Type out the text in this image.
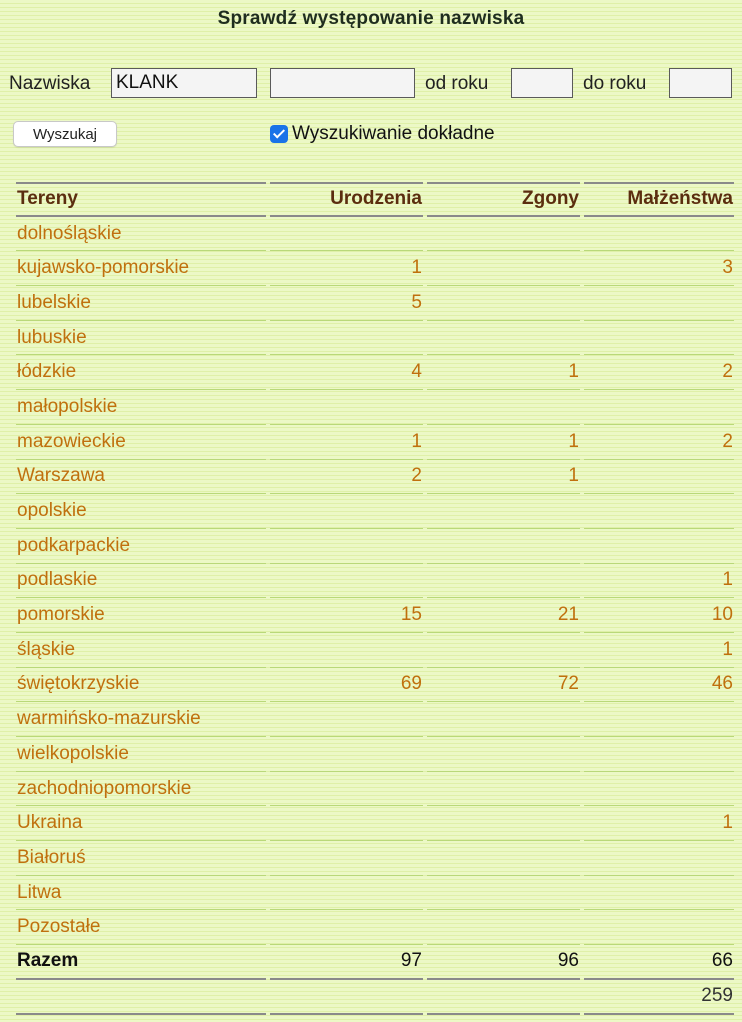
Sprawdź występowanie nazwiska
Nazwiska
KLANK	od roku	do roku
Wyszukaj	Wyszukiwanie dokładne
Tereny	Urodzenia	Zgony	Małżeństwa
dolnośląskie			
kujawsko-pomorskie	1		3
lubelskie	5		
lubuskie			
łódzkie	4	1	2
małopolskie			
mazowieckie	1	1	2
Warszawa	2	1	
opolskie			
podkarpackie			
podlaskie			1
pomorskie	15	21	10
śląskie			1
świętokrzyskie	69	72	46
warmińsko-mazurskie			
wielkopolskie			
zachodniopomorskie			
Ukraina			1
Białoruś			
Litwa			
Pozostałe			
Razem	97	96	66
			259
